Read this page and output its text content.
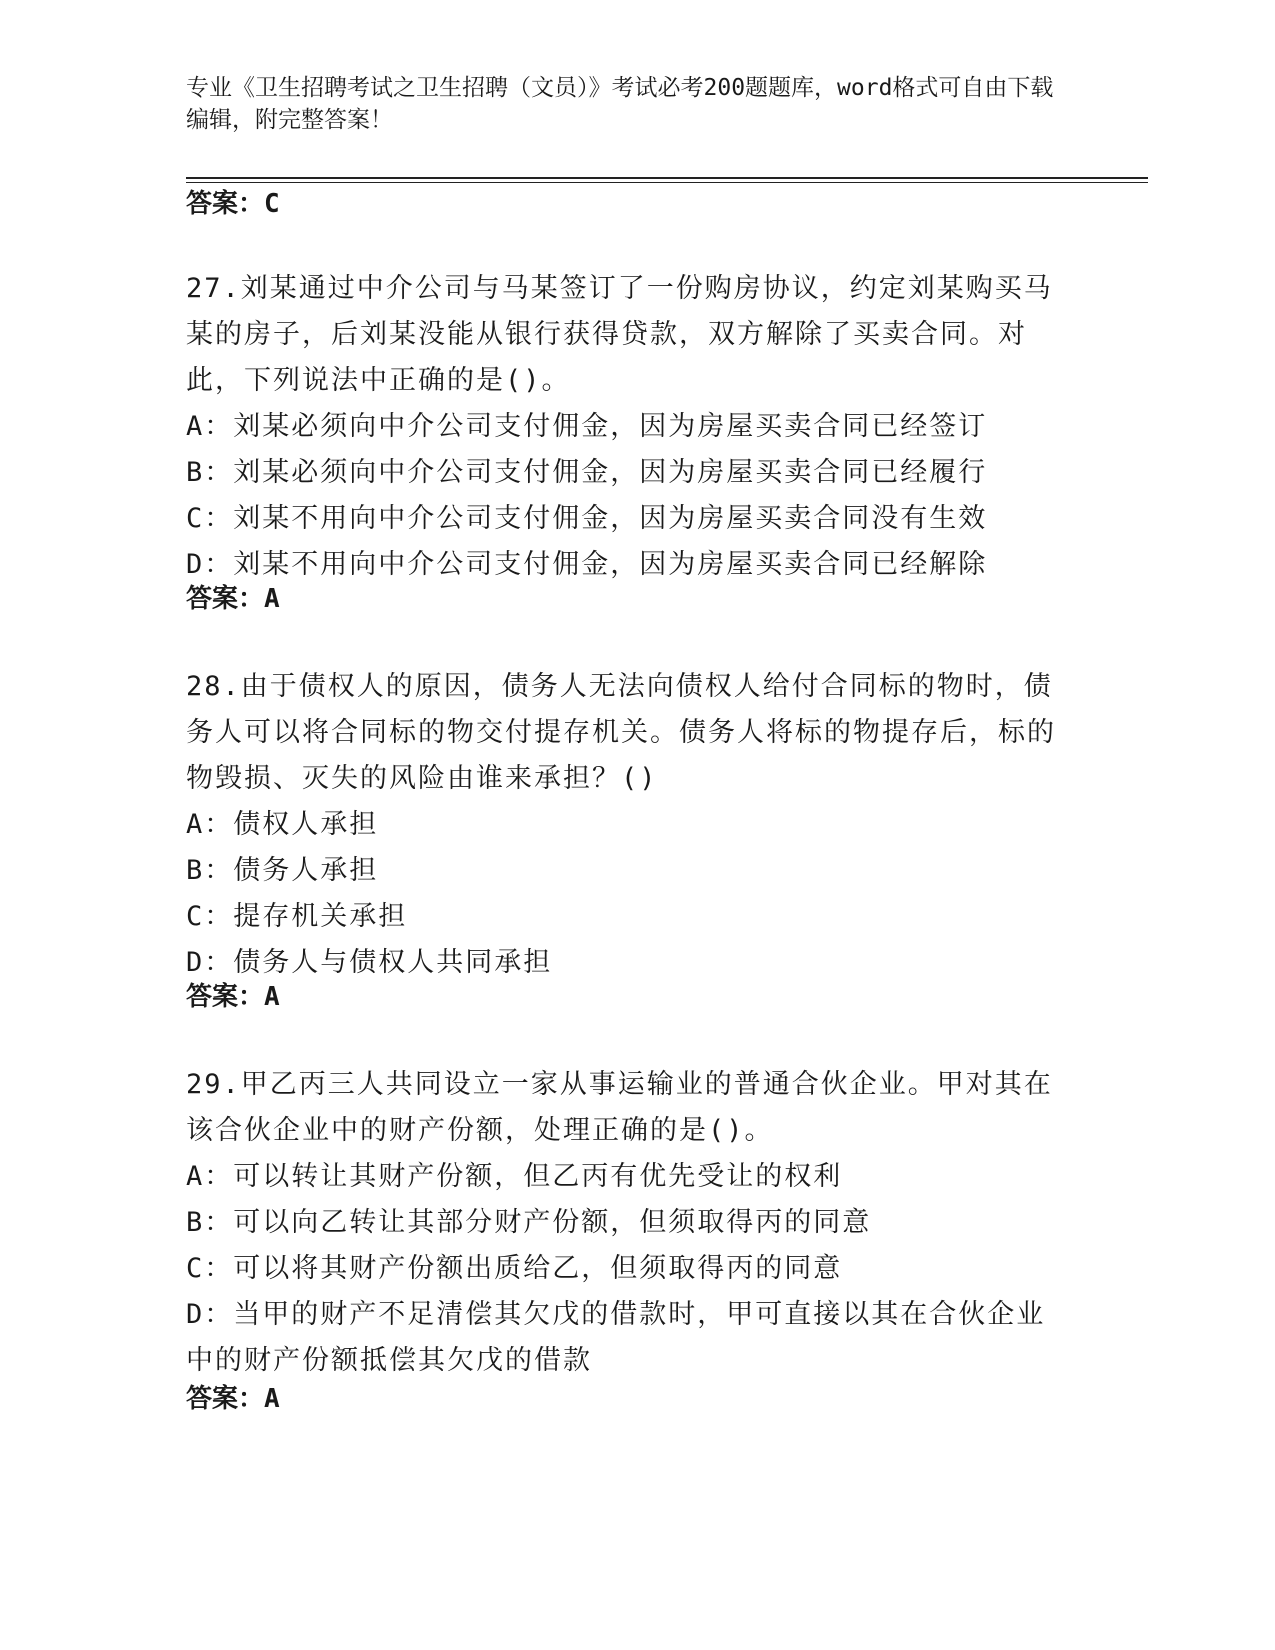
专业《卫生招聘考试之卫生招聘（文员）》考试必考200题题库，word格式可自由下载编辑，附完整答案！
答案：C
27.刘某通过中介公司与马某签订了一份购房协议，约定刘某购买马某的房子，后刘某没能从银行获得贷款，双方解除了买卖合同。对此，下列说法中正确的是()。
A：刘某必须向中介公司支付佣金，因为房屋买卖合同已经签订
B：刘某必须向中介公司支付佣金，因为房屋买卖合同已经履行
C：刘某不用向中介公司支付佣金，因为房屋买卖合同没有生效
D：刘某不用向中介公司支付佣金，因为房屋买卖合同已经解除
答案：A
28.由于债权人的原因，债务人无法向债权人给付合同标的物时，债务人可以将合同标的物交付提存机关。债务人将标的物提存后，标的物毁损、灭失的风险由谁来承担？()
A：债权人承担
B：债务人承担
C：提存机关承担
D：债务人与债权人共同承担
答案：A
29.甲乙丙三人共同设立一家从事运输业的普通合伙企业。甲对其在该合伙企业中的财产份额，处理正确的是()。
A：可以转让其财产份额，但乙丙有优先受让的权利
B：可以向乙转让其部分财产份额，但须取得丙的同意
C：可以将其财产份额出质给乙，但须取得丙的同意
D：当甲的财产不足清偿其欠戊的借款时，甲可直接以其在合伙企业中的财产份额抵偿其欠戊的借款
答案：A
